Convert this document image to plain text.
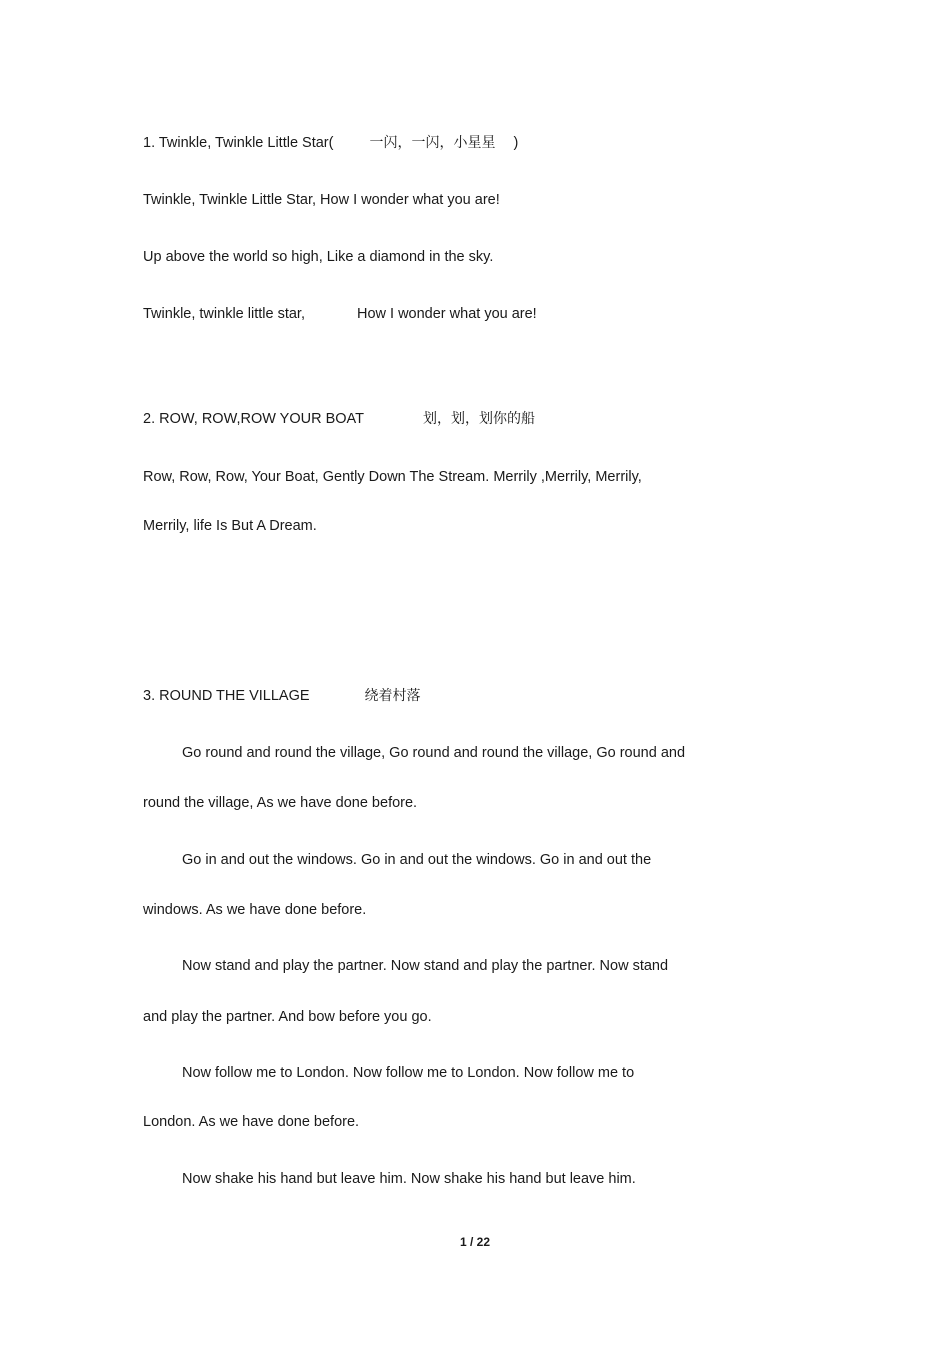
1. Twinkle, Twinkle Little Star(	一闪，一闪，小星星 )
Twinkle, Twinkle Little Star, How I wonder what you are!
Up above the world so high, Like a diamond in the sky.
Twinkle, twinkle little star,	How I wonder what you are!
2. ROW, ROW,ROW YOUR BOAT	划，划，划你的船
Row, Row, Row, Your Boat, Gently Down The Stream. Merrily ,Merrily, Merrily,
Merrily, life Is But A Dream.
3. ROUND THE VILLAGE	绕着村落
Go round and round the village, Go round and round the village, Go round and
round the village, As we have done before.
Go in and out the windows. Go in and out the windows. Go in and out the
windows. As we have done before.
Now stand and play the partner. Now stand and play the partner. Now stand
and play the partner. And bow before you go.
Now follow me to London. Now follow me to London. Now follow me to
London. As we have done before.
Now shake his hand but leave him. Now shake his hand but leave him.
1 / 22
